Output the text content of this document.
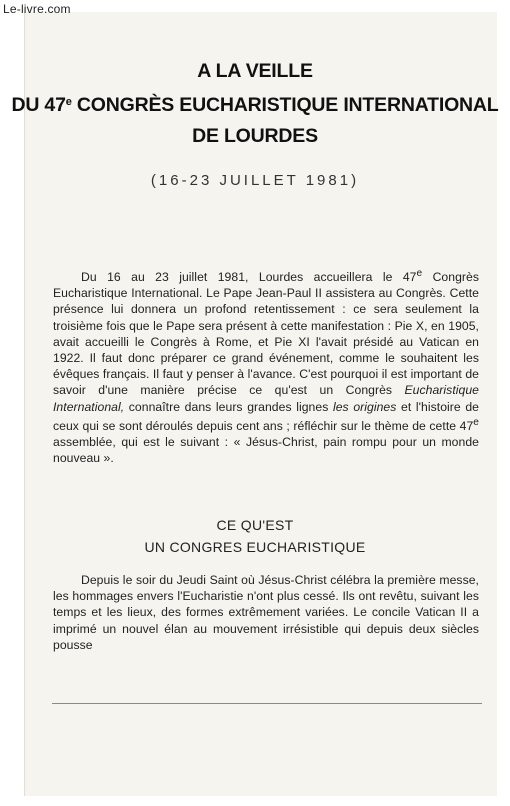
Le-livre.com
A LA VEILLE
DU 47e CONGRÈS EUCHARISTIQUE INTERNATIONAL
DE LOURDES
(16-23 JUILLET 1981)

Du 16 au 23 juillet 1981, Lourdes accueillera le 47e Congrès Eucharistique International. Le Pape Jean-Paul II assistera au Congrès. Cette présence lui donnera un profond retentissement : ce sera seulement la troisième fois que le Pape sera présent à cette manifestation : Pie X, en 1905, avait accueilli le Congrès à Rome, et Pie XI l'avait présidé au Vatican en 1922. Il faut donc préparer ce grand événement, comme le souhaitent les évêques français. Il faut y penser à l'avance. C'est pourquoi il est important de savoir d'une manière précise ce qu'est un Congrès Eucharistique International, connaître dans leurs grandes lignes les origines et l'histoire de ceux qui se sont déroulés depuis cent ans ; réfléchir sur le thème de cette 47e assemblée, qui est le suivant : « Jésus-Christ, pain rompu pour un monde nouveau ».

CE QU'EST
UN CONGRES EUCHARISTIQUE

Depuis le soir du Jeudi Saint où Jésus-Christ célébra la première messe, les hommages envers l'Eucharistie n'ont plus cessé. Ils ont revêtu, suivant les temps et les lieux, des formes extrêmement variées. Le concile Vatican II a imprimé un nouvel élan au mouvement irrésistible qui depuis deux siècles pousse
